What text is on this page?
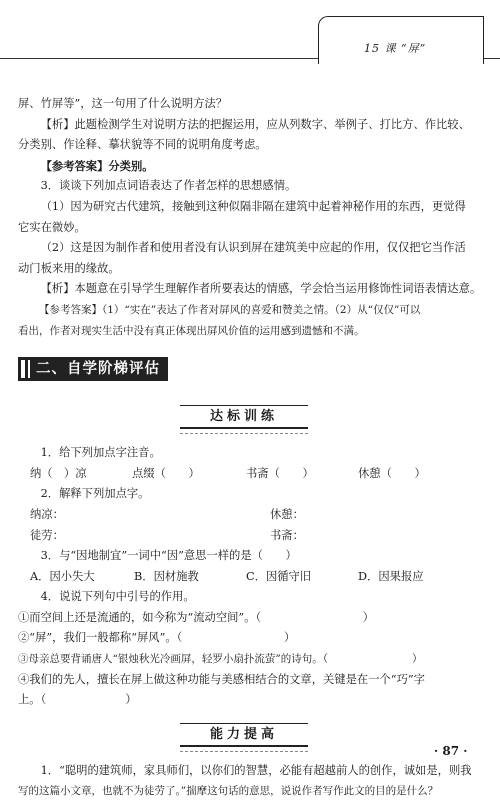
15 课 “屏”

屏、竹屏等”，这一句用了什么说明方法？

【析】此题检测学生对说明方法的把握运用，应从列数字、举例子、打比方、作比较、

分类别、作诠释、摹状貌等不同的说明角度考虑。

【参考答案】分类别。

3．谈谈下列加点词语表达了作者怎样的思想感情。

（1）因为研究古代建筑，接触到这种似隔非隔在建筑中起着神秘作用的东西，更觉得

它实在微妙。

（2）这是因为制作者和使用者没有认识到屏在建筑美中应起的作用，仅仅把它当作活

动门板来用的缘故。

【析】本题意在引导学生理解作者所要表达的情感，学会恰当运用修饰性词语表情达意。

【参考答案】（1）“实在”表达了作者对屏风的喜爱和赞美之情。（2）从“仅仅”可以

看出，作者对现实生活中没有真正体现出屏风价值的运用感到遗憾和不满。

二、自学阶梯评估
达标训练

1．给下列加点字注音。

纳（　）凉	点缀（　　）	书斋（　　）	休憩（　　）

2．解释下列加点字。

纳凉：	休憩：
徒劳：	书斋：

3．与“因地制宜”一词中“因”意思一样的是（　　）

A．因小失大	B．因材施教	C．因循守旧	D．因果报应

4．说说下列句中引号的作用。

①而空间上还是流通的，如今称为“流动空间”。（　　　　　　　　　）

②“屏”，我们一般都称“屏风”。（　　　　　　　　　）

③母亲总要背诵唐人“银烛秋光冷画屏，轻罗小扇扑流萤”的诗句。（　　　　　　　　）

④我们的先人，擅长在屏上做这种功能与美感相结合的文章，关键是在一个“巧”字

上。（　　　　　　　）

能力提高

1．“聪明的建筑师，家具师们，以你们的智慧，必能有超越前人的创作，诚如是，则我

写的这篇小文章，也就不为徒劳了。”揣摩这句话的意思，说说作者写作此文的目的是什么？

· 87 ·
